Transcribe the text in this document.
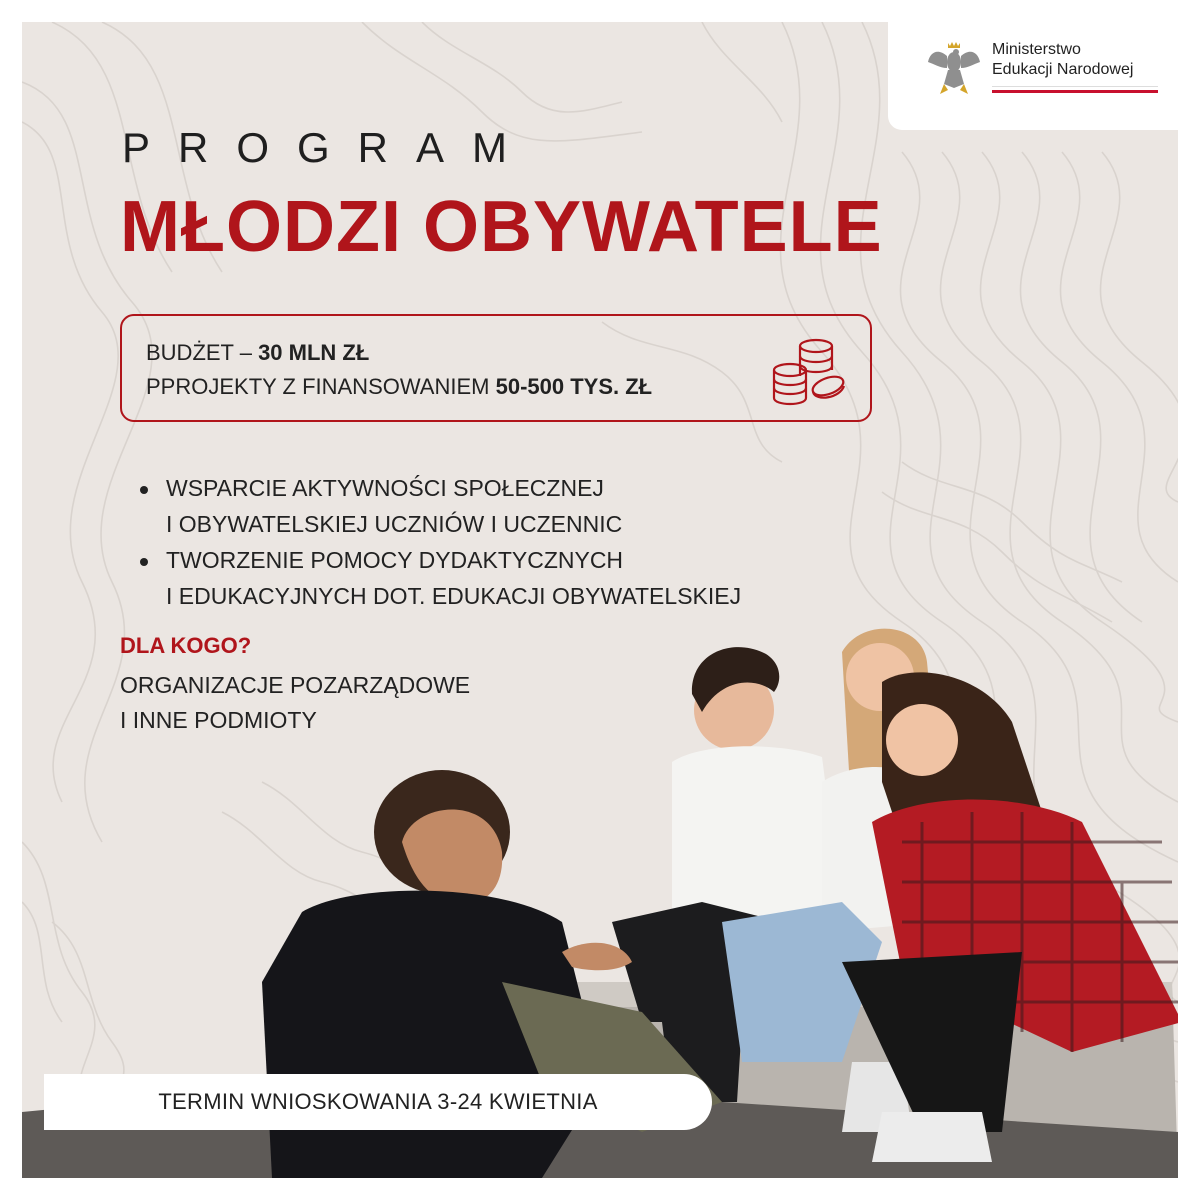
TERMIN WNIOSKOWANIA 3-24 KWIETNIA
Ministerstwo
Edukacji Narodowej
PROGRAM
MŁODZI OBYWATELE
BUDŻET – 30 MLN ZŁ
PPROJEKTY Z FINANSOWANIEM 50-500 TYS. ZŁ
WSPARCIE AKTYWNOŚCI SPOŁECZNEJ
I OBYWATELSKIEJ UCZNIÓW I UCZENNIC
TWORZENIE POMOCY DYDAKTYCZNYCH
I EDUKACYJNYCH DOT. EDUKACJI OBYWATELSKIEJ
DLA KOGO?
ORGANIZACJE POZARZĄDOWE
I INNE PODMIOTY
